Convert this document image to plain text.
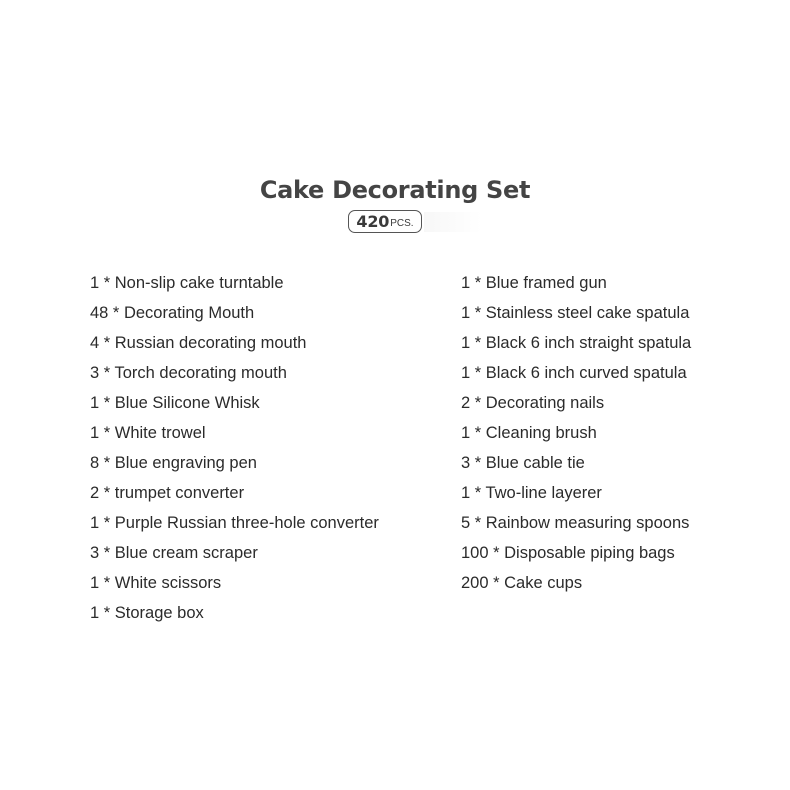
Cake Decorating Set
420 PCS.
1 * Non-slip cake turntable
48 * Decorating Mouth
4 * Russian decorating mouth
3 * Torch decorating mouth
1 * Blue Silicone Whisk
1 * White trowel
8 * Blue engraving pen
2 * trumpet converter
1 * Purple Russian three-hole converter
3 * Blue cream scraper
1 * White scissors
1 * Storage box
1 * Blue framed gun
1 * Stainless steel cake spatula
1 * Black 6 inch straight spatula
1 * Black 6 inch curved spatula
2 * Decorating nails
1 * Cleaning brush
3 * Blue cable tie
1 * Two-line layerer
5 * Rainbow measuring spoons
100 * Disposable piping bags
200 * Cake cups
